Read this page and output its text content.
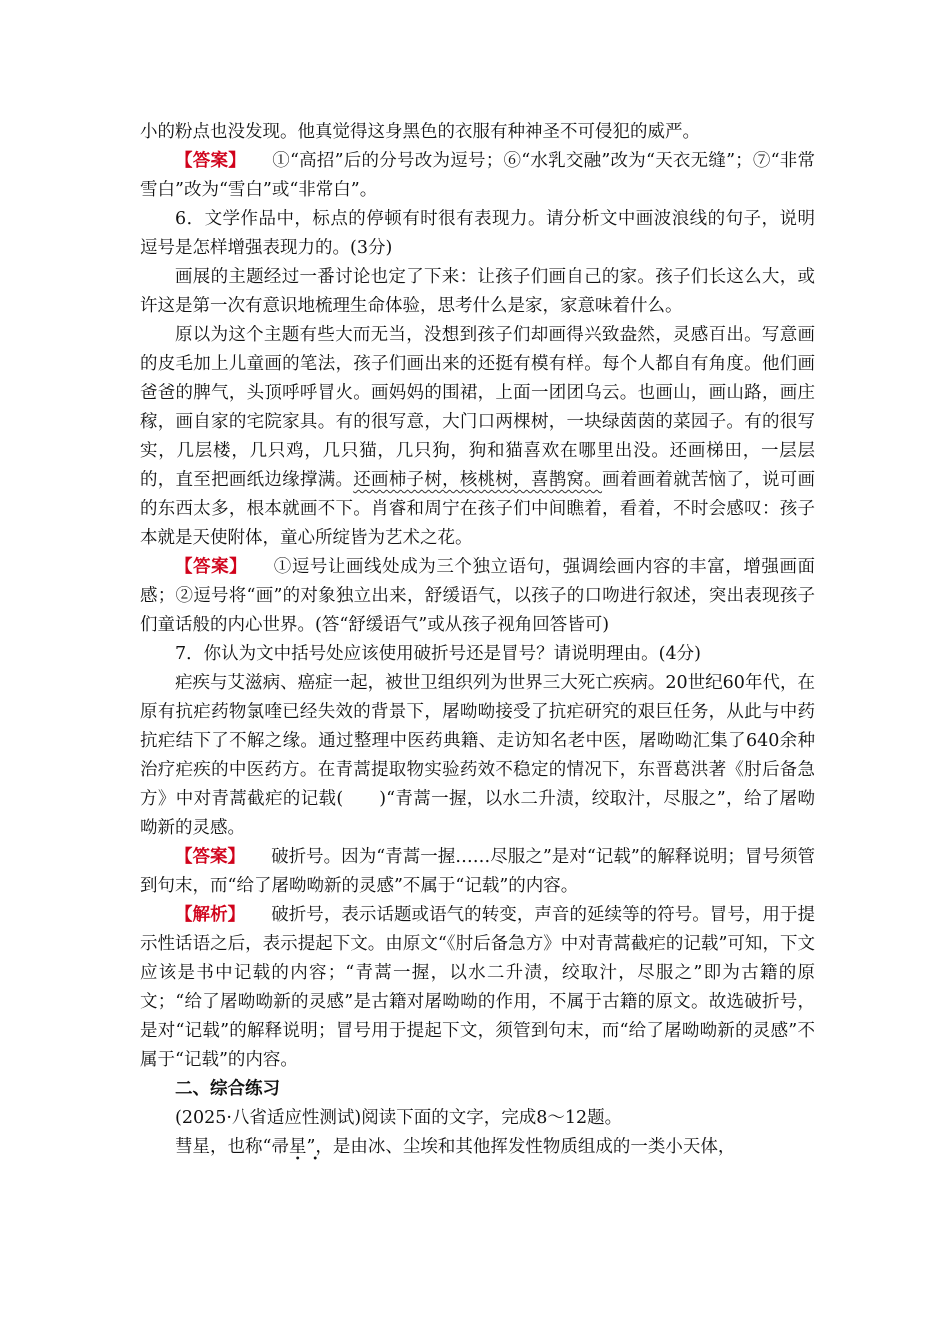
小的粉点也没发现。他真觉得这身黑色的衣服有种神圣不可侵犯的威严。

【答案】 ①“高招”后的分号改为逗号；⑥“水乳交融”改为“天衣无缝”；⑦“非常雪白”改为“雪白”或“非常白”。

6．文学作品中，标点的停顿有时很有表现力。请分析文中画波浪线的句子，说明逗号是怎样增强表现力的。(3分)

画展的主题经过一番讨论也定了下来：让孩子们画自己的家。孩子们长这么大，或许这是第一次有意识地梳理生命体验，思考什么是家，家意味着什么。

原以为这个主题有些大而无当，没想到孩子们却画得兴致盎然，灵感百出。写意画的皮毛加上儿童画的笔法，孩子们画出来的还挺有模有样。每个人都自有角度。他们画爸爸的脾气，头顶呼呼冒火。画妈妈的围裙，上面一团团乌云。也画山，画山路，画庄稼，画自家的宅院家具。有的很写意，大门口两棵树，一块绿茵茵的菜园子。有的很写实，几层楼，几只鸡，几只猫，几只狗，狗和猫喜欢在哪里出没。还画梯田，一层层的，直至把画纸边缘撑满。还画柿子树，核桃树，喜鹊窝。画着画着就苦恼了，说可画的东西太多，根本就画不下。肖睿和周宁在孩子们中间瞧着，看着，不时会感叹：孩子本就是天使附体，童心所绽皆为艺术之花。

【答案】 ①逗号让画线处成为三个独立语句，强调绘画内容的丰富，增强画面感；②逗号将“画”的对象独立出来，舒缓语气，以孩子的口吻进行叙述，突出表现孩子们童话般的内心世界。(答“舒缓语气”或从孩子视角回答皆可)

7．你认为文中括号处应该使用破折号还是冒号？请说明理由。(4分)

疟疾与艾滋病、癌症一起，被世卫组织列为世界三大死亡疾病。20世纪60年代，在原有抗疟药物氯喹已经失效的背景下，屠呦呦接受了抗疟研究的艰巨任务，从此与中药抗疟结下了不解之缘。通过整理中医药典籍、走访知名老中医，屠呦呦汇集了640余种治疗疟疾的中医药方。在青蒿提取物实验药效不稳定的情况下，东晋葛洪著《肘后备急方》中对青蒿截疟的记载( )“青蒿一握，以水二升渍，绞取汁，尽服之”，给了屠呦呦新的灵感。

【答案】 破折号。因为“青蒿一握……尽服之”是对“记载”的解释说明；冒号须管到句末，而“给了屠呦呦新的灵感”不属于“记载”的内容。

【解析】 破折号，表示话题或语气的转变，声音的延续等的符号。冒号，用于提示性话语之后，表示提起下文。由原文“《肘后备急方》中对青蒿截疟的记载”可知，下文应该是书中记载的内容；“青蒿一握，以水二升渍，绞取汁，尽服之”即为古籍的原文；“给了屠呦呦新的灵感”是古籍对屠呦呦的作用，不属于古籍的原文。故选破折号，是对“记载”的解释说明；冒号用于提起下文，须管到句末，而“给了屠呦呦新的灵感”不属于“记载”的内容。

二、综合练习

(2025·八省适应性测试)阅读下面的文字，完成8～12题。

彗星，也称“帚星”，是由冰、尘埃和其他挥发性物质组成的一类小天体，
